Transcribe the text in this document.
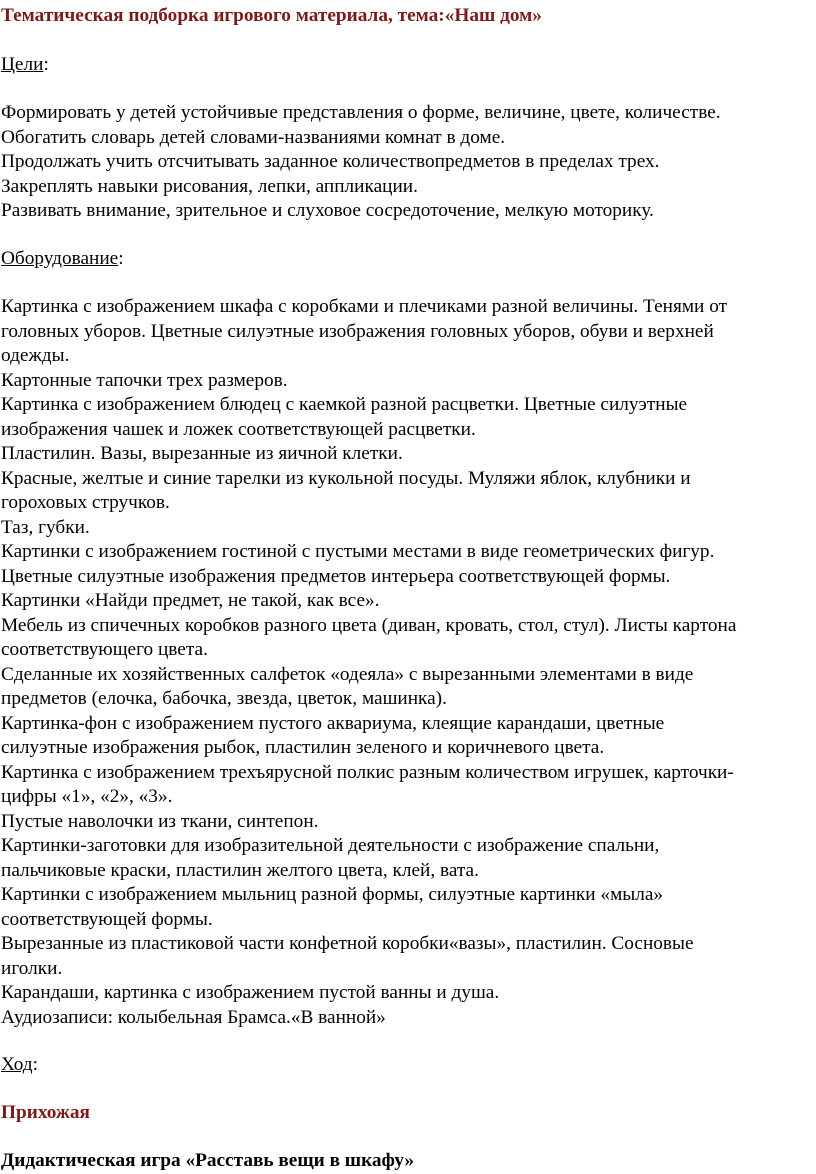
Тематическая подборка игрового материала, тема:«Наш дом»
Цели:
Формировать у детей устойчивые представления о форме, величине, цвете, количестве.
Обогатить словарь детей словами-названиями комнат в доме.
Продолжать учить отсчитывать заданное количествопредметов в пределах трех.
Закреплять навыки рисования, лепки, аппликации.
Развивать внимание, зрительное и слуховое сосредоточение, мелкую моторику.
Оборудование:
Картинка с изображением шкафа с коробками и плечиками разной величины. Тенями от
головных уборов. Цветные силуэтные изображения головных уборов, обуви и верхней
одежды.
Картонные тапочки трех размеров.
Картинка с изображением блюдец с каемкой разной расцветки. Цветные силуэтные
изображения чашек и ложек соответствующей расцветки.
Пластилин. Вазы, вырезанные из яичной клетки.
Красные, желтые и синие тарелки из кукольной посуды. Муляжи яблок, клубники и
гороховых стручков.
Таз, губки.
Картинки с изображением гостиной с пустыми местами в виде геометрических фигур.
Цветные силуэтные изображения предметов интерьера соответствующей формы.
Картинки «Найди предмет, не такой, как все».
Мебель из спичечных коробков разного цвета (диван, кровать, стол, стул). Листы картона
соответствующего цвета.
Сделанные их хозяйственных салфеток «одеяла» с вырезанными элементами в виде
предметов (елочка, бабочка, звезда, цветок, машинка).
Картинка-фон с изображением пустого аквариума, клеящие карандаши, цветные
силуэтные изображения рыбок, пластилин зеленого и коричневого цвета.
Картинка с изображением трехъярусной полкис разным количеством игрушек, карточки-
цифры «1», «2», «3».
Пустые наволочки из ткани, синтепон.
Картинки-заготовки для изобразительной деятельности с изображение спальни,
пальчиковые краски, пластилин желтого цвета, клей, вата.
Картинки с изображением мыльниц разной формы, силуэтные картинки «мыла»
соответствующей формы.
Вырезанные из пластиковой части конфетной коробки«вазы», пластилин. Сосновые
иголки.
Карандаши, картинка с изображением пустой ванны и душа.
Аудиозаписи: колыбельная Брамса.«В ванной»
Ход:
Прихожая
Дидактическая игра «Расставь вещи в шкафу»
